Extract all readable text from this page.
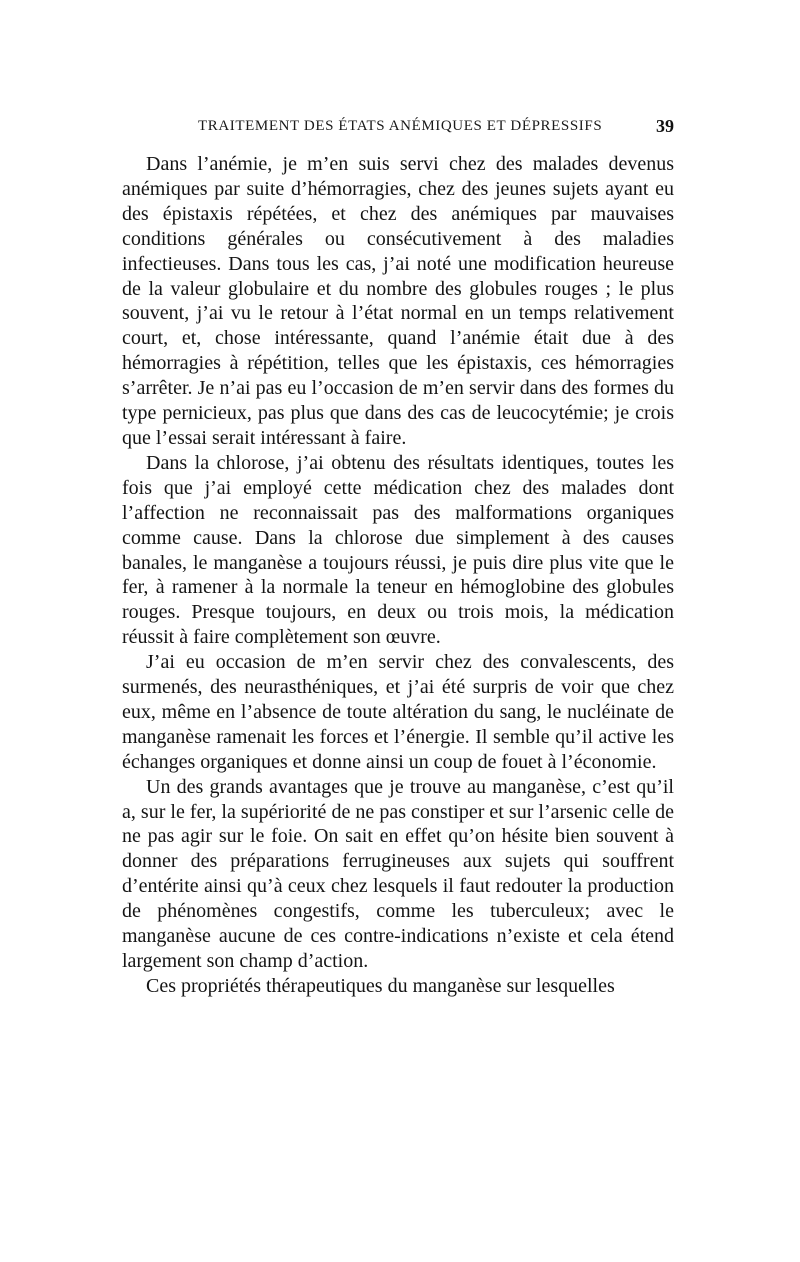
TRAITEMENT DES ÉTATS ANÉMIQUES ET DÉPRESSIFS	39

Dans l’anémie, je m’en suis servi chez des malades devenus anémiques par suite d’hémorragies, chez des jeunes sujets ayant eu des épistaxis répétées, et chez des anémiques par mauvaises conditions générales ou consécutivement à des maladies infectieuses. Dans tous les cas, j’ai noté une modification heureuse de la valeur globulaire et du nombre des globules rouges ; le plus souvent, j’ai vu le retour à l’état normal en un temps relativement court, et, chose intéressante, quand l’anémie était due à des hémorragies à répétition, telles que les épistaxis, ces hémorragies s’arrêter. Je n’ai pas eu l’occasion de m’en servir dans des formes du type pernicieux, pas plus que dans des cas de leucocytémie; je crois que l’essai serait intéressant à faire.

Dans la chlorose, j’ai obtenu des résultats identiques, toutes les fois que j’ai employé cette médication chez des malades dont l’affection ne reconnaissait pas des malformations organiques comme cause. Dans la chlorose due simplement à des causes banales, le manganèse a toujours réussi, je puis dire plus vite que le fer, à ramener à la normale la teneur en hémoglobine des globules rouges. Presque toujours, en deux ou trois mois, la médication réussit à faire complètement son œuvre.

J’ai eu occasion de m’en servir chez des convalescents, des surmenés, des neurasthéniques, et j’ai été surpris de voir que chez eux, même en l’absence de toute altération du sang, le nucléinate de manganèse ramenait les forces et l’énergie. Il semble qu’il active les échanges organiques et donne ainsi un coup de fouet à l’économie.

Un des grands avantages que je trouve au manganèse, c’est qu’il a, sur le fer, la supériorité de ne pas constiper et sur l’arsenic celle de ne pas agir sur le foie. On sait en effet qu’on hésite bien souvent à donner des préparations ferrugineuses aux sujets qui souffrent d’entérite ainsi qu’à ceux chez lesquels il faut redouter la production de phénomènes congestifs, comme les tuberculeux; avec le manganèse aucune de ces contre-indications n’existe et cela étend largement son champ d’action.

Ces propriétés thérapeutiques du manganèse sur lesquelles
